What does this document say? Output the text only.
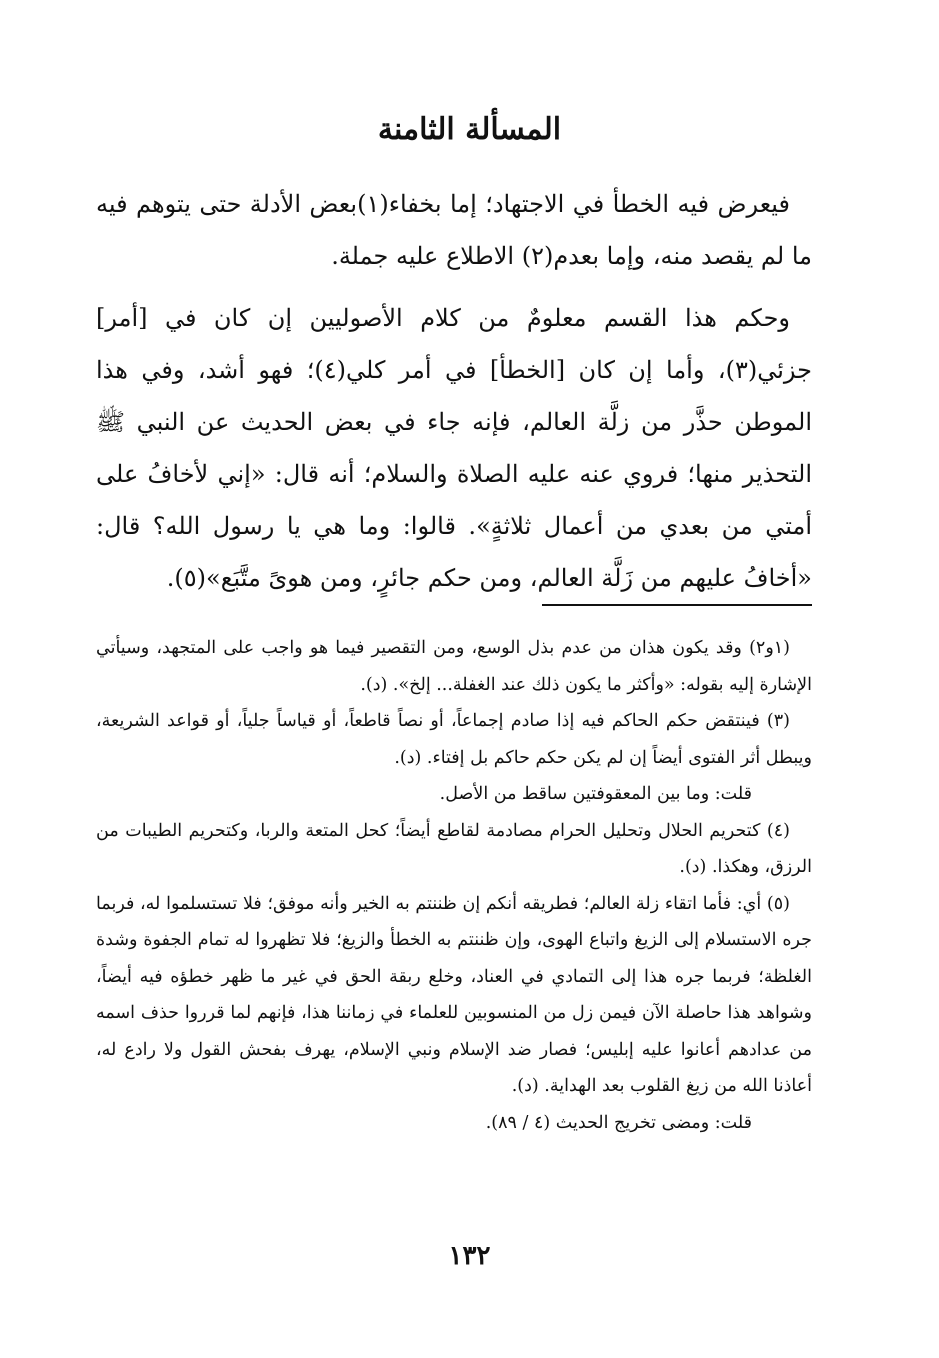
المسألة الثامنة

فيعرض فيه الخطأ في الاجتهاد؛ إما بخفاء(١)بعض الأدلة حتى يتوهم فيه ما لم يقصد منه، وإما بعدم(٢) الاطلاع عليه جملة.

وحكم هذا القسم معلومٌ من كلام الأصوليين إن كان في [أمر] جزئي(٣)، وأما إن كان [الخطأ] في أمر كلي(٤)؛ فهو أشد، وفي هذا الموطن حذَّر من زلَّة العالم، فإنه جاء في بعض الحديث عن النبي ﷺ التحذير منها؛ فروي عنه عليه الصلاة والسلام؛ أنه قال: «إني لأخافُ على أمتي من بعدي من أعمال ثلاثةٍ». قالوا: وما هي يا رسول الله؟ قال: «أخافُ عليهم من زَلَّة العالم، ومن حكم جائرٍ، ومن هوىً متَّبَع»(٥).

(١و٢) وقد يكون هذان من عدم بذل الوسع، ومن التقصير فيما هو واجب على المتجهد، وسيأتي الإشارة إليه بقوله: «وأكثر ما يكون ذلك عند الغفلة... إلخ». (د).

(٣) فينتقض حكم الحاكم فيه إذا صادم إجماعاً، أو نصاً قاطعاً، أو قياساً جلياً، أو قواعد الشريعة، ويبطل أثر الفتوى أيضاً إن لم يكن حكم حاكم بل إفتاء. (د).

قلت: وما بين المعقوفتين ساقط من الأصل.

(٤) كتحريم الحلال وتحليل الحرام مصادمة لقاطع أيضاً؛ كحل المتعة والربا، وكتحريم الطيبات من الرزق، وهكذا. (د).

(٥) أي: فأما اتقاء زلة العالم؛ فطريقه أنكم إن ظننتم به الخير وأنه موفق؛ فلا تستسلموا له، فربما جره الاستسلام إلى الزيغ واتباع الهوى، وإن ظننتم به الخطأ والزيغ؛ فلا تظهروا له تمام الجفوة وشدة الغلظة؛ فربما جره هذا إلى التمادي في العناد، وخلع ربقة الحق في غير ما ظهر خطؤه فيه أيضاً، وشواهد هذا حاصلة الآن فيمن زل من المنسوبين للعلماء في زماننا هذا، فإنهم لما قرروا حذف اسمه من عدادهم أعانوا عليه إبليس؛ فصار ضد الإسلام ونبي الإسلام، يهرف بفحش القول ولا رادع له، أعاذنا الله من زيغ القلوب بعد الهداية. (د).

قلت: ومضى تخريج الحديث (٤ / ٨٩).

١٣٢
